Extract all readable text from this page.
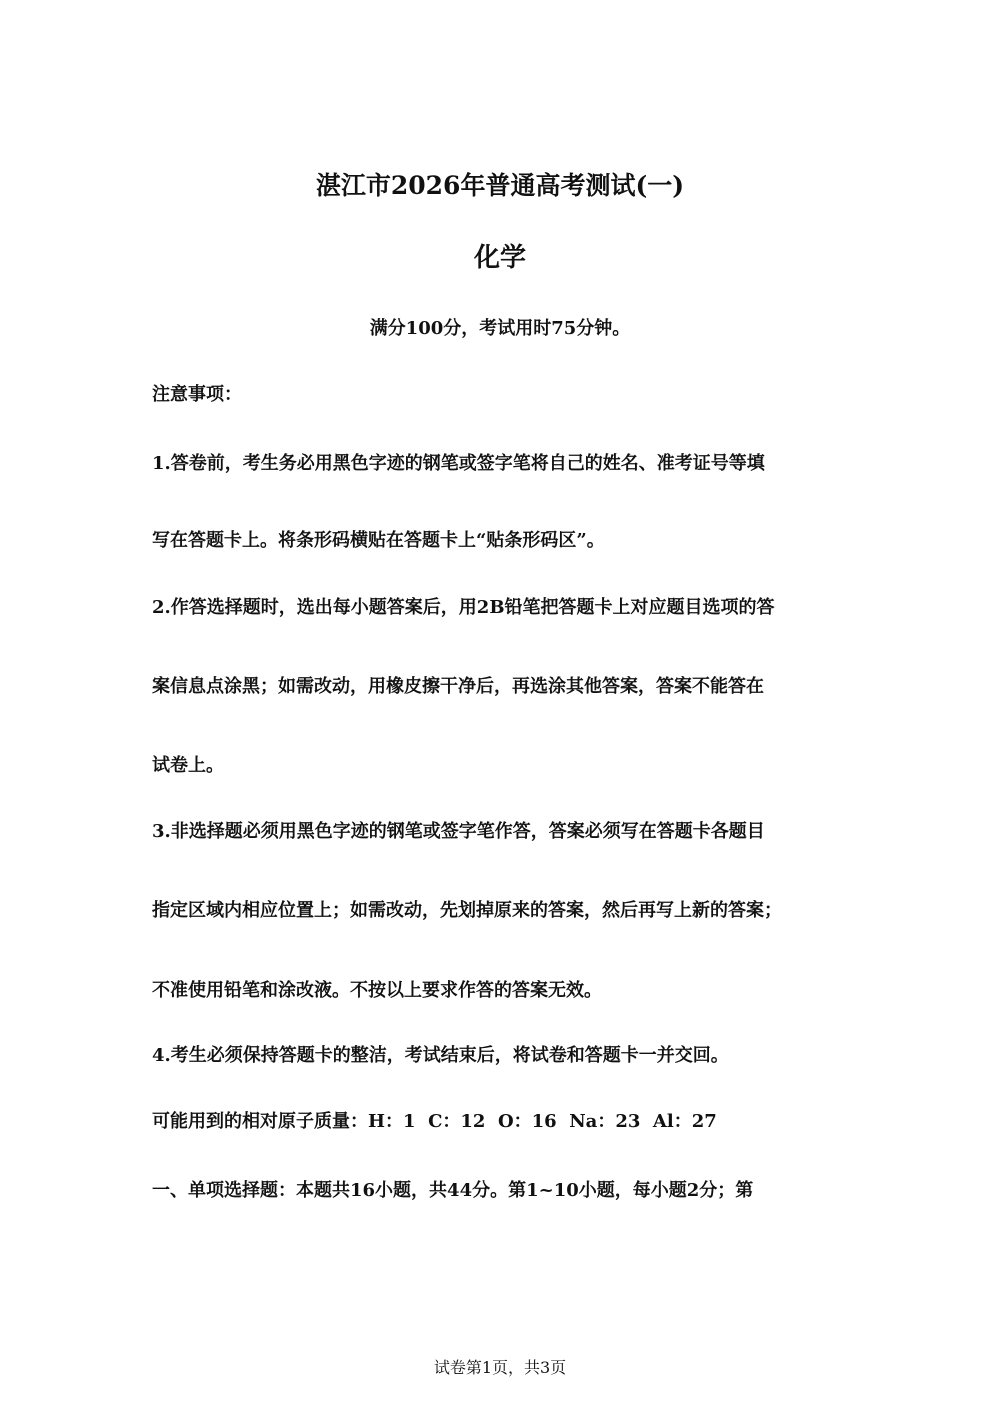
湛江市2026年普通高考测试(一)
化学
满分100分，考试用时75分钟。
注意事项：
1.答卷前，考生务必用黑色字迹的钢笔或签字笔将自己的姓名、准考证号等填
写在答题卡上。将条形码横贴在答题卡上“贴条形码区”。
2.作答选择题时，选出每小题答案后，用2B铅笔把答题卡上对应题目选项的答
案信息点涂黑；如需改动，用橡皮擦干净后，再选涂其他答案，答案不能答在
试卷上。
3.非选择题必须用黑色字迹的钢笔或签字笔作答，答案必须写在答题卡各题目
指定区域内相应位置上；如需改动，先划掉原来的答案，然后再写上新的答案；
不准使用铅笔和涂改液。不按以上要求作答的答案无效。
4.考生必须保持答题卡的整洁，考试结束后，将试卷和答题卡一并交回。
可能用到的相对原子质量：H：1  C：12  O：16  Na：23  Al：27
一、单项选择题：本题共16小题，共44分。第1~10小题，每小题2分；第
试卷第1页，共3页
